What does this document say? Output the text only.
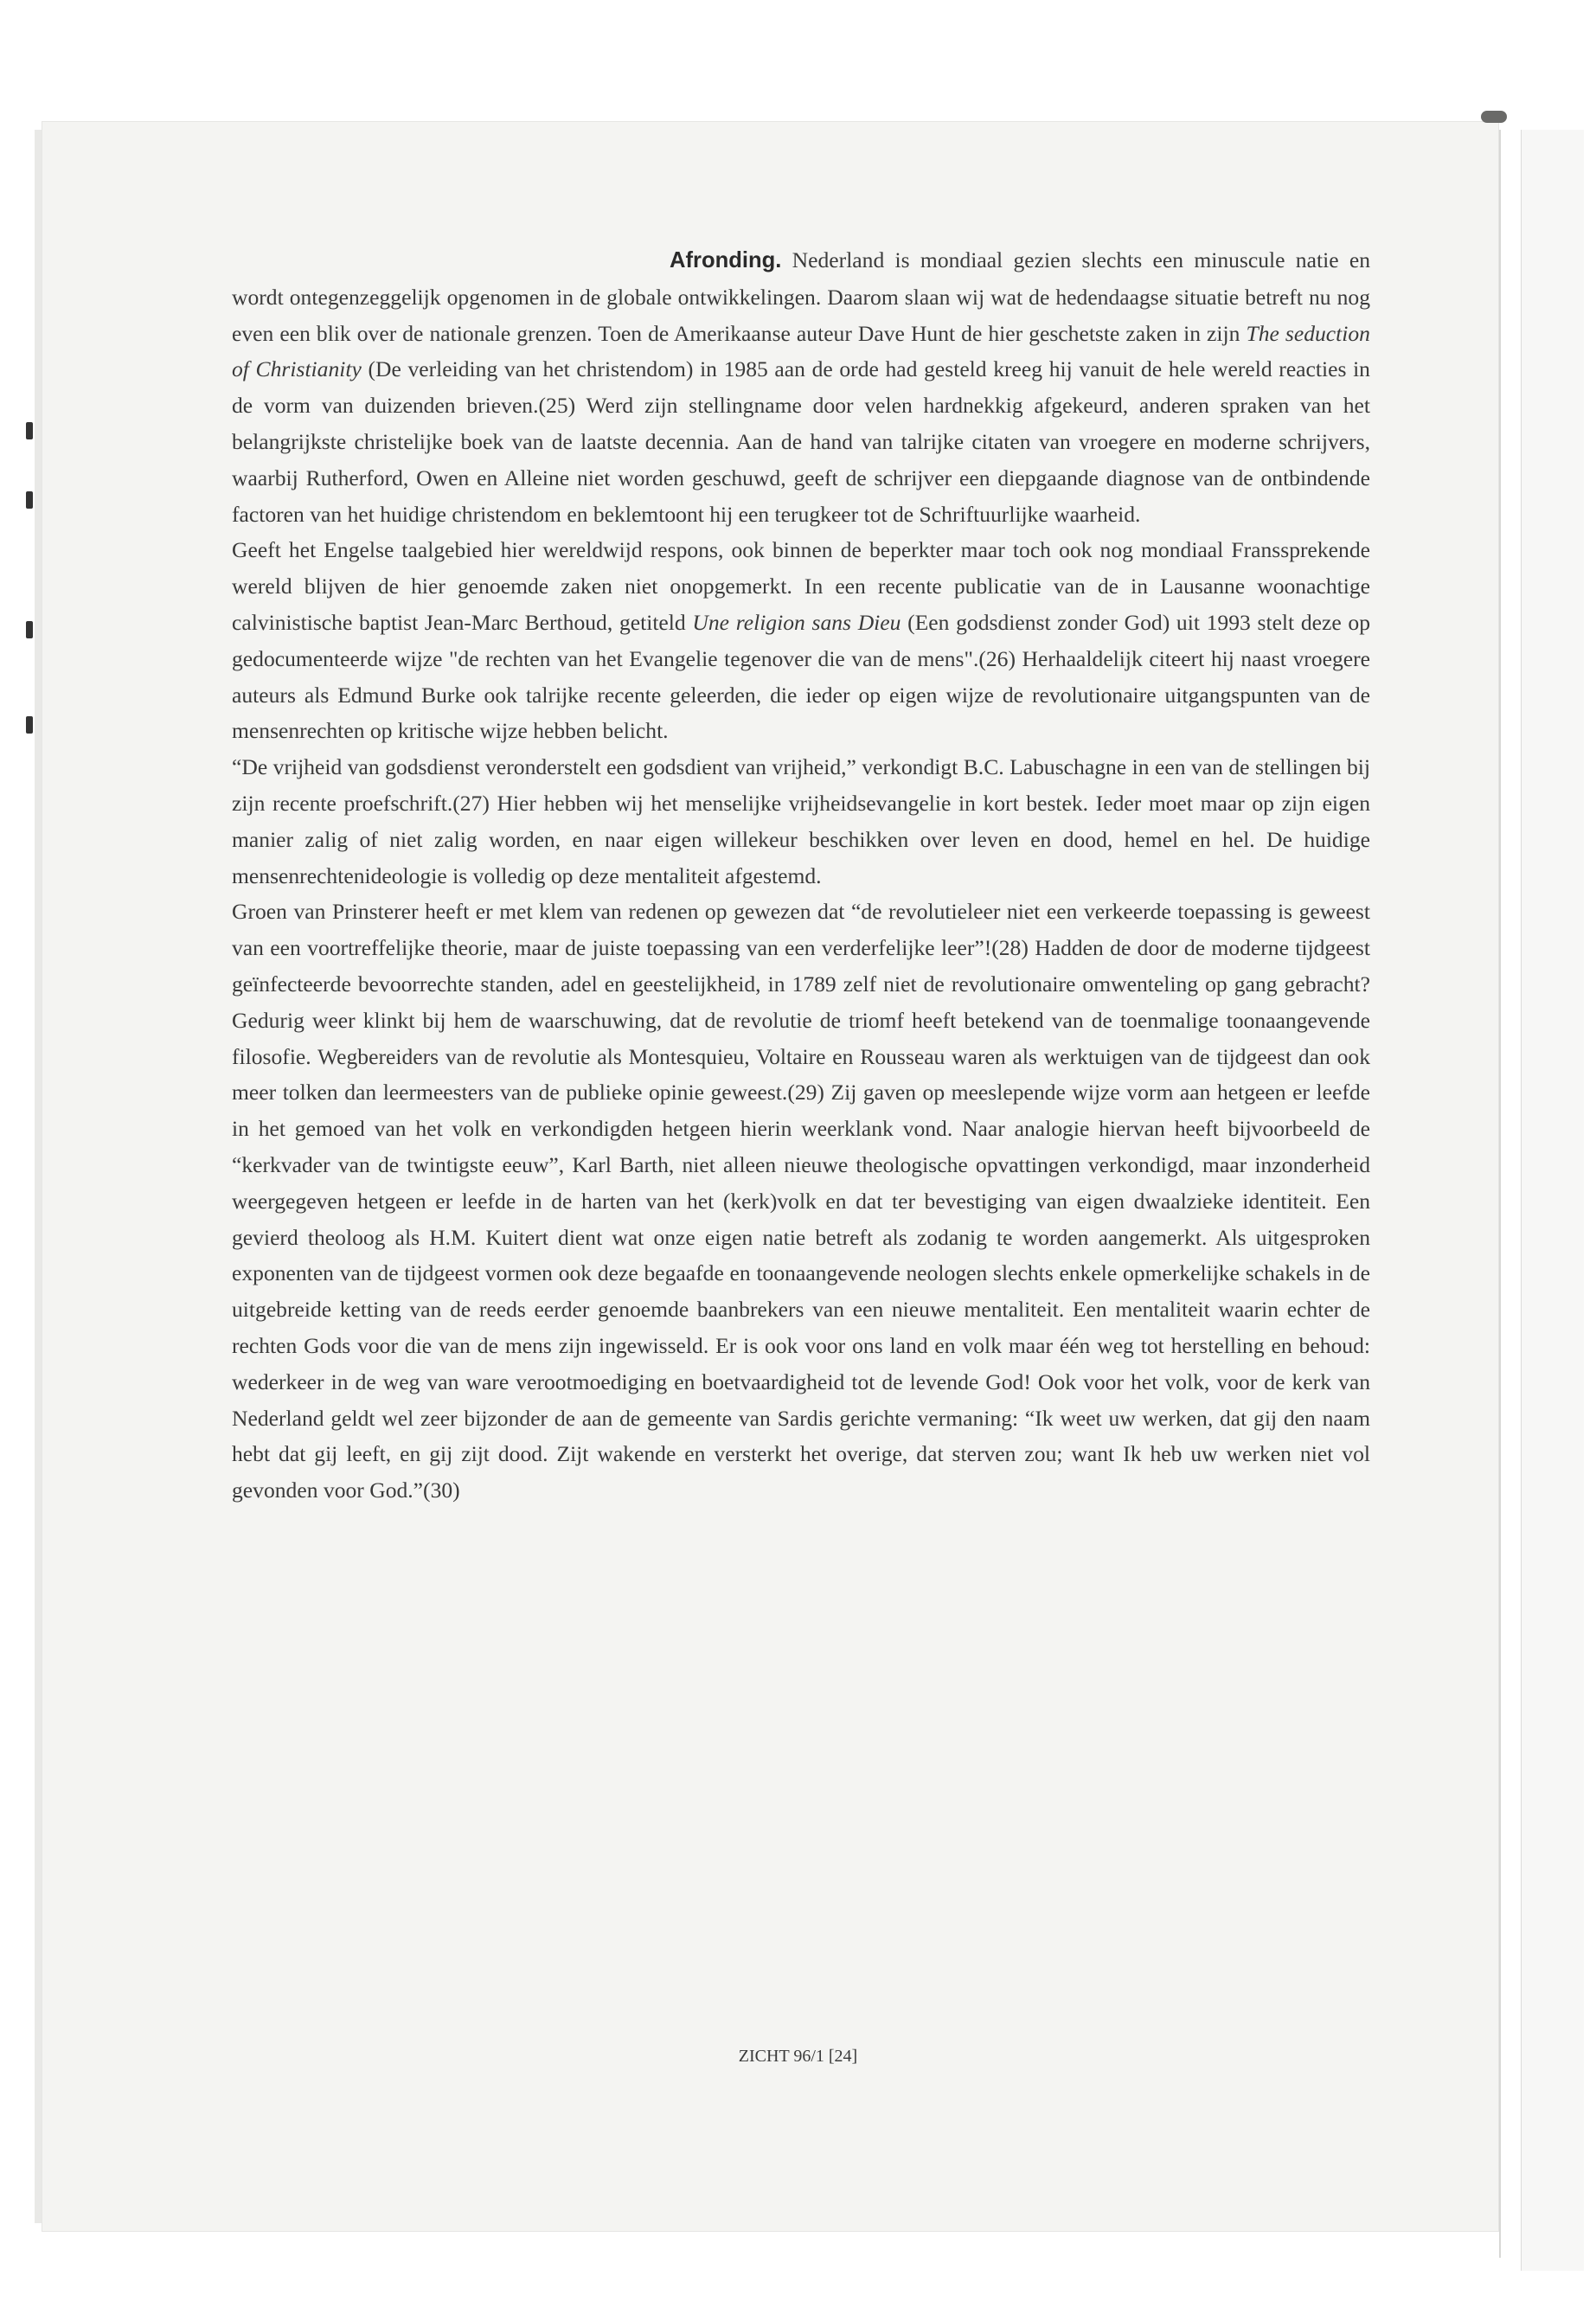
Afronding. Nederland is mondiaal gezien slechts een minuscule natie en wordt ontegenzeggelijk opgenomen in de globale ontwikkelingen. Daarom slaan wij wat de hedendaagse situatie betreft nu nog even een blik over de nationale grenzen. Toen de Amerikaanse auteur Dave Hunt de hier geschetste zaken in zijn The seduction of Christianity (De verleiding van het christendom) in 1985 aan de orde had gesteld kreeg hij vanuit de hele wereld reacties in de vorm van duizenden brieven.(25) Werd zijn stellingname door velen hardnekkig afgekeurd, anderen spraken van het belangrijkste christelijke boek van de laatste decennia. Aan de hand van talrijke citaten van vroegere en moderne schrijvers, waarbij Rutherford, Owen en Alleine niet worden geschuwd, geeft de schrijver een diepgaande diagnose van de ontbindende factoren van het huidige christendom en beklemtoont hij een terugkeer tot de Schriftuurlijke waarheid.

Geeft het Engelse taalgebied hier wereldwijd respons, ook binnen de beperkter maar toch ook nog mondiaal Franssprekende wereld blijven de hier genoemde zaken niet onopgemerkt. In een recente publicatie van de in Lausanne woonachtige calvinistische baptist Jean-Marc Berthoud, getiteld Une religion sans Dieu (Een godsdienst zonder God) uit 1993 stelt deze op gedocumenteerde wijze "de rechten van het Evangelie tegenover die van de mens".(26) Herhaaldelijk citeert hij naast vroegere auteurs als Edmund Burke ook talrijke recente geleerden, die ieder op eigen wijze de revolutionaire uitgangspunten van de mensenrechten op kritische wijze hebben belicht.

“De vrijheid van godsdienst veronderstelt een godsdient van vrijheid,” verkondigt B.C. Labuschagne in een van de stellingen bij zijn recente proefschrift.(27) Hier hebben wij het menselijke vrijheidsevangelie in kort bestek. Ieder moet maar op zijn eigen manier zalig of niet zalig worden, en naar eigen willekeur beschikken over leven en dood, hemel en hel. De huidige mensenrechtenideologie is volledig op deze mentaliteit afgestemd.

Groen van Prinsterer heeft er met klem van redenen op gewezen dat “de revolutieleer niet een verkeerde toepassing is geweest van een voortreffelijke theorie, maar de juiste toepassing van een verderfelijke leer”!(28) Hadden de door de moderne tijdgeest geïnfecteerde bevoorrechte standen, adel en geestelijkheid, in 1789 zelf niet de revolutionaire omwenteling op gang gebracht? Gedurig weer klinkt bij hem de waarschuwing, dat de revolutie de triomf heeft betekend van de toenmalige toonaangevende filosofie. Wegbereiders van de revolutie als Montesquieu, Voltaire en Rousseau waren als werktuigen van de tijdgeest dan ook meer tolken dan leermeesters van de publieke opinie geweest.(29) Zij gaven op meeslepende wijze vorm aan hetgeen er leefde in het gemoed van het volk en verkondigden hetgeen hierin weerklank vond. Naar analogie hiervan heeft bijvoorbeeld de “kerkvader van de twintigste eeuw”, Karl Barth, niet alleen nieuwe theologische opvattingen verkondigd, maar inzonderheid weergegeven hetgeen er leefde in de harten van het (kerk)volk en dat ter bevestiging van eigen dwaalzieke identiteit. Een gevierd theoloog als H.M. Kuitert dient wat onze eigen natie betreft als zodanig te worden aangemerkt. Als uitgesproken exponenten van de tijdgeest vormen ook deze begaafde en toonaangevende neologen slechts enkele opmerkelijke schakels in de uitgebreide ketting van de reeds eerder genoemde baanbrekers van een nieuwe mentaliteit. Een mentaliteit waarin echter de rechten Gods voor die van de mens zijn ingewisseld. Er is ook voor ons land en volk maar één weg tot herstelling en behoud: wederkeer in de weg van ware verootmoediging en boetvaardigheid tot de levende God! Ook voor het volk, voor de kerk van Nederland geldt wel zeer bijzonder de aan de gemeente van Sardis gerichte vermaning: “Ik weet uw werken, dat gij den naam hebt dat gij leeft, en gij zijt dood. Zijt wakende en versterkt het overige, dat sterven zou; want Ik heb uw werken niet vol gevonden voor God.”(30)

ZICHT 96/1 [24]
